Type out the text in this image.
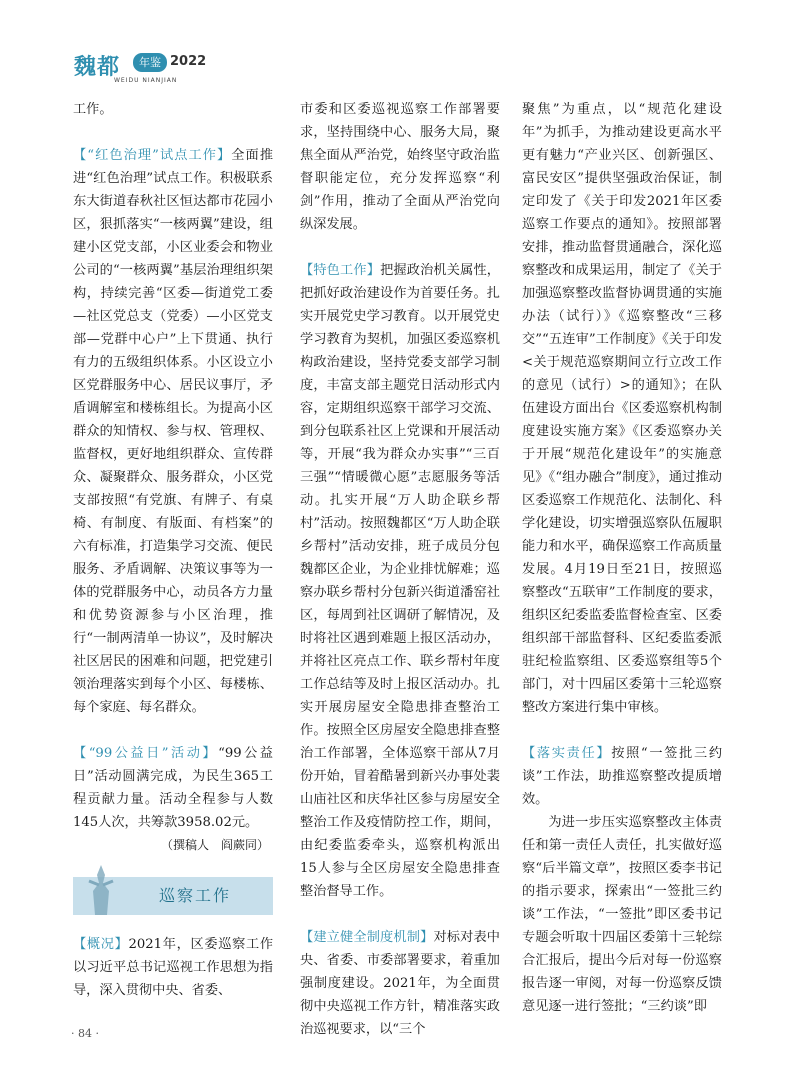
魏都	年鉴 2022
WEIDU NIANJIAN

工作。

【“红色治理”试点工作】全面推进“红色治理”试点工作。积极联系东大街道春秋社区恒达都市花园小区，狠抓落实“一核两翼”建设，组建小区党支部，小区业委会和物业公司的“一核两翼”基层治理组织架构，持续完善“区委—街道党工委—社区党总支（党委）—小区党支部—党群中心户”上下贯通、执行有力的五级组织体系。小区设立小区党群服务中心、居民议事厅，矛盾调解室和楼栋组长。为提高小区群众的知情权、参与权、管理权、监督权，更好地组织群众、宣传群众、凝聚群众、服务群众，小区党支部按照“有党旗、有牌子、有桌椅、有制度、有版面、有档案”的六有标准，打造集学习交流、便民服务、矛盾调解、决策议事等为一体的党群服务中心，动员各方力量和优势资源参与小区治理，推行“一制两清单一协议”，及时解决社区居民的困难和问题，把党建引领治理落实到每个小区、每楼栋、每个家庭、每名群众。

【“99公益日”活动】“99公益日”活动圆满完成，为民生365工程贡献力量。活动全程参与人数145人次，共筹款3958.02元。

（撰稿人　阎蕨同）

巡察工作

【概况】2021年，区委巡察工作以习近平总书记巡视工作思想为指导，深入贯彻中央、省委、

市委和区委巡视巡察工作部署要求，坚持围绕中心、服务大局，聚焦全面从严治党，始终坚守政治监督职能定位，充分发挥巡察“利剑”作用，推动了全面从严治党向纵深发展。

【特色工作】把握政治机关属性，把抓好政治建设作为首要任务。扎实开展党史学习教育。以开展党史学习教育为契机，加强区委巡察机构政治建设，坚持党委支部学习制度，丰富支部主题党日活动形式内容，定期组织巡察干部学习交流、到分包联系社区上党课和开展活动等，开展“我为群众办实事”“三百三强”“情暖微心愿”志愿服务等活动。扎实开展“万人助企联乡帮村”活动。按照魏都区“万人助企联乡帮村”活动安排，班子成员分包魏都区企业，为企业排忧解难；巡察办联乡帮村分包新兴街道潘窑社区，每周到社区调研了解情况，及时将社区遇到难题上报区活动办，并将社区亮点工作、联乡帮村年度工作总结等及时上报区活动办。扎实开展房屋安全隐患排查整治工作。按照全区房屋安全隐患排查整治工作部署，全体巡察干部从7月份开始，冒着酷暑到新兴办事处裴山庙社区和庆华社区参与房屋安全整治工作及疫情防控工作，期间，由纪委监委牵头，巡察机构派出15人参与全区房屋安全隐患排查整治督导工作。

【建立健全制度机制】对标对表中央、省委、市委部署要求，着重加强制度建设。2021年，为全面贯彻中央巡视工作方针，精准落实政治巡视要求，以“三个

聚焦”为重点，以“规范化建设年”为抓手，为推动建设更高水平更有魅力“产业兴区、创新强区、富民安区”提供坚强政治保证，制定印发了《关于印发2021年区委巡察工作要点的通知》。按照部署安排，推动监督贯通融合，深化巡察整改和成果运用，制定了《关于加强巡察整改监督协调贯通的实施办法（试行）》《巡察整改“三移交”“五连审”工作制度》《关于印发<关于规范巡察期间立行立改工作的意见（试行）>的通知》；在队伍建设方面出台《区委巡察机构制度建设实施方案》《区委巡察办关于开展“规范化建设年”的实施意见》《“组办融合”制度》，通过推动区委巡察工作规范化、法制化、科学化建设，切实增强巡察队伍履职能力和水平，确保巡察工作高质量发展。4月19日至21日，按照巡察整改“五联审”工作制度的要求，组织区纪委监委监督检查室、区委组织部干部监督科、区纪委监委派驻纪检监察组、区委巡察组等5个部门，对十四届区委第十三轮巡察整改方案进行集中审核。

【落实责任】按照“一签批三约谈”工作法，助推巡察整改提质增效。

为进一步压实巡察整改主体责任和第一责任人责任，扎实做好巡察“后半篇文章”，按照区委李书记的指示要求，探索出“一签批三约谈”工作法，“一签批”即区委书记专题会听取十四届区委第十三轮综合汇报后，提出今后对每一份巡察报告逐一审阅，对每一份巡察反馈意见逐一进行签批；“三约谈”即

· 84 ·
